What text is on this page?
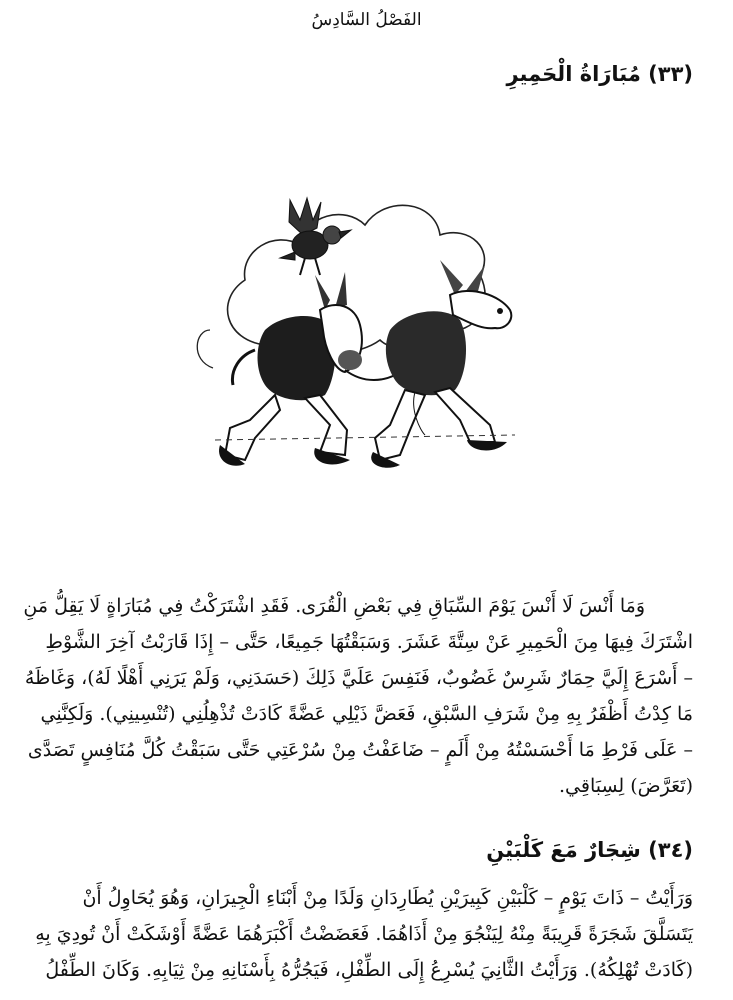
الفَصْلُ السَّادِسُ
(٣٣) مُبَارَاةُ الْحَمِيرِ
وَمَا أَنْسَ لَا أَنْسَ يَوْمَ السِّبَاقِ فِي بَعْضِ الْقُرَى. فَقَدِ اشْتَرَكْتُ فِي مُبَارَاةٍ لَا يَقِلُّ مَنِ
اشْتَرَكَ فِيهَا مِنَ الْحَمِيرِ عَنْ سِتَّةَ عَشَرَ. وَسَبَقْتُهَا جَمِيعًا، حَتَّى – إِذَا قَارَبْتُ آخِرَ الشَّوْطِ
– أَسْرَعَ إِلَيَّ حِمَارٌ شَرِسٌ غَضُوبٌ، فَنَفِسَ عَلَيَّ ذَلِكَ (حَسَدَنِي، وَلَمْ يَرَنِي أَهْلًا لَهُ)، وَغَاظَهُ
مَا كِدْتُ أَظْفَرُ بِهِ مِنْ شَرَفِ السَّبْقِ، فَعَضَّ ذَيْلِي عَضَّةً كَادَتْ تُذْهِلُنِي (تُنْسِينِي). وَلَكِنَّنِي
– عَلَى فَرْطِ مَا أَحْسَسْتُهُ مِنْ أَلَمٍ – ضَاعَفْتُ مِنْ سُرْعَتِي حَتَّى سَبَقْتُ كُلَّ مُنَافِسٍ تَصَدَّى
(تَعَرَّضَ) لِسِبَاقِي.
(٣٤) شِجَارٌ مَعَ كَلْبَيْنِ
وَرَأَيْتُ – ذَاتَ يَوْمٍ – كَلْبَيْنِ كَبِيرَيْنِ يُطَارِدَانِ وَلَدًا مِنْ أَبْنَاءِ الْجِيرَانِ، وَهُوَ يُحَاوِلُ أَنْ
يَتَسَلَّقَ شَجَرَةً قَرِيبَةً مِنْهُ لِيَنْجُوَ مِنْ أَذَاهُمَا. فَعَضَضْتُ أَكْبَرَهُمَا عَضَّةً أَوْشَكَتْ أَنْ تُودِيَ بِهِ
(كَادَتْ تُهْلِكُهُ). وَرَأَيْتُ الثَّانِيَ يُسْرِعُ إِلَى الطِّفْلِ، فَيَجُرُّهُ بِأَسْنَانِهِ مِنْ ثِيَابِهِ. وَكَانَ الطِّفْلُ
